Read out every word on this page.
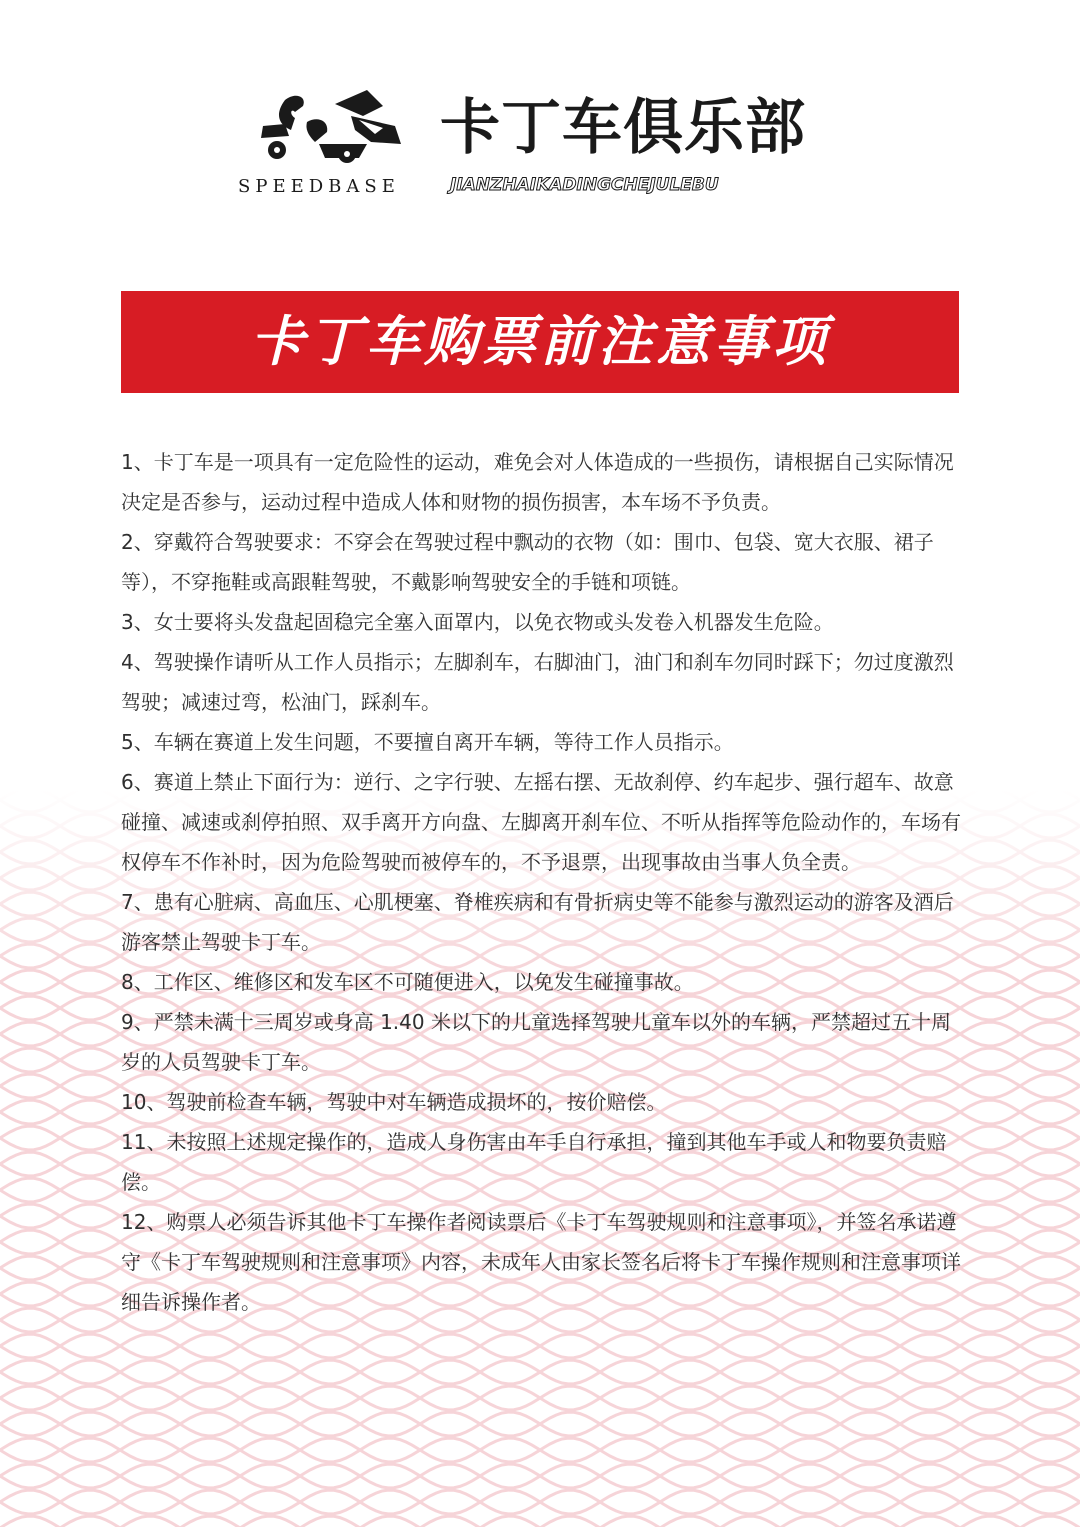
SPEEDBASE
卡丁车俱乐部
JIANZHAIKADINGCHEJULEBU
卡丁车购票前注意事项
1、卡丁车是一项具有一定危险性的运动，难免会对人体造成的一些损伤，请根据自己实际情况决定是否参与，运动过程中造成人体和财物的损伤损害，本车场不予负责。
2、穿戴符合驾驶要求：不穿会在驾驶过程中飘动的衣物（如：围巾、包袋、宽大衣服、裙子等），不穿拖鞋或高跟鞋驾驶，不戴影响驾驶安全的手链和项链。
3、女士要将头发盘起固稳完全塞入面罩内，以免衣物或头发卷入机器发生危险。
4、驾驶操作请听从工作人员指示；左脚刹车，右脚油门，油门和刹车勿同时踩下；勿过度激烈驾驶；减速过弯，松油门，踩刹车。
5、车辆在赛道上发生问题，不要擅自离开车辆，等待工作人员指示。
6、赛道上禁止下面行为：逆行、之字行驶、左摇右摆、无故刹停、约车起步、强行超车、故意碰撞、减速或刹停拍照、双手离开方向盘、左脚离开刹车位、不听从指挥等危险动作的，车场有权停车不作补时，因为危险驾驶而被停车的，不予退票，出现事故由当事人负全责。
7、患有心脏病、高血压、心肌梗塞、脊椎疾病和有骨折病史等不能参与激烈运动的游客及酒后游客禁止驾驶卡丁车。
8、工作区、维修区和发车区不可随便进入，以免发生碰撞事故。
9、严禁未满十三周岁或身高 1.40 米以下的儿童选择驾驶儿童车以外的车辆，严禁超过五十周岁的人员驾驶卡丁车。
10、驾驶前检查车辆，驾驶中对车辆造成损坏的，按价赔偿。
11、未按照上述规定操作的，造成人身伤害由车手自行承担，撞到其他车手或人和物要负责赔偿。
12、购票人必须告诉其他卡丁车操作者阅读票后《卡丁车驾驶规则和注意事项》，并签名承诺遵守《卡丁车驾驶规则和注意事项》内容，未成年人由家长签名后将卡丁车操作规则和注意事项详细告诉操作者。
